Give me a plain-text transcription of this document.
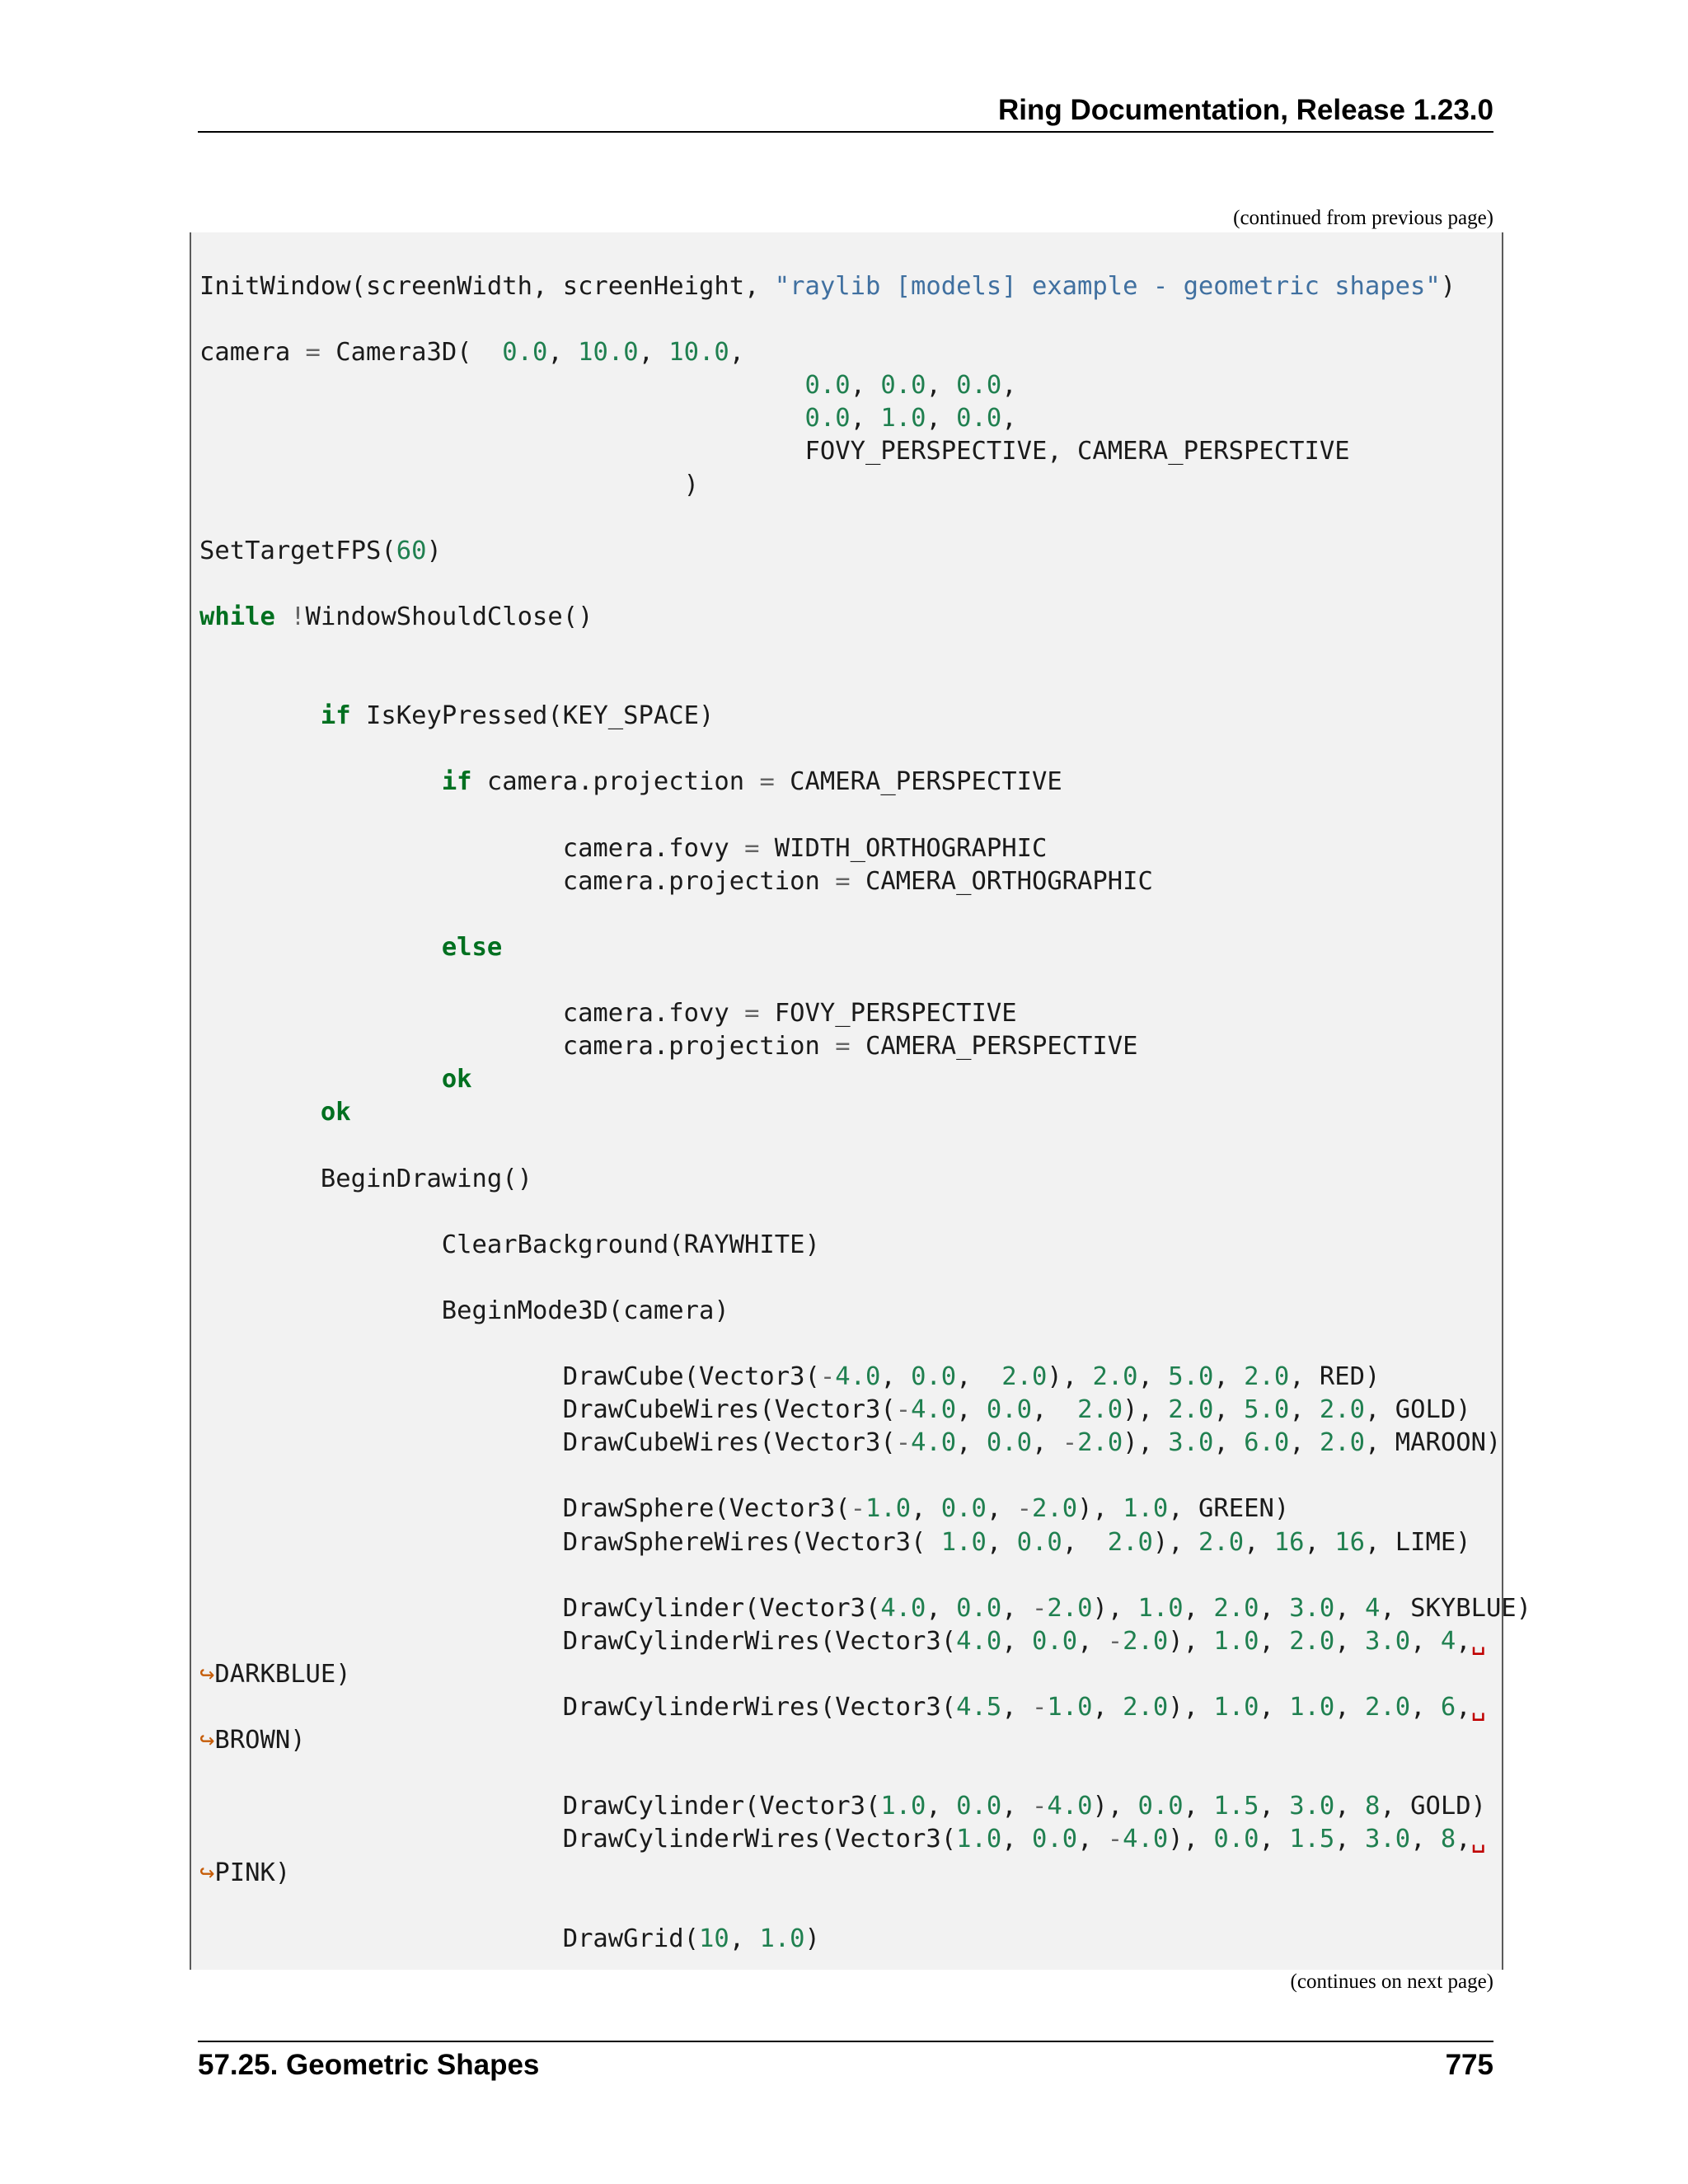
Ring Documentation, Release 1.23.0
(continued from previous page)
InitWindow(screenWidth, screenHeight, "raylib [models] example - geometric shapes")

camera = Camera3D(  0.0, 10.0, 10.0,
0.0, 0.0, 0.0,
0.0, 1.0, 0.0,
FOVY_PERSPECTIVE, CAMERA_PERSPECTIVE
)

SetTargetFPS(60)

while !WindowShouldClose()

if IsKeyPressed(KEY_SPACE)

if camera.projection = CAMERA_PERSPECTIVE

camera.fovy = WIDTH_ORTHOGRAPHIC
camera.projection = CAMERA_ORTHOGRAPHIC

else

camera.fovy = FOVY_PERSPECTIVE
camera.projection = CAMERA_PERSPECTIVE
ok
ok

BeginDrawing()

ClearBackground(RAYWHITE)

BeginMode3D(camera)

DrawCube(Vector3(-4.0, 0.0,  2.0), 2.0, 5.0, 2.0, RED)
DrawCubeWires(Vector3(-4.0, 0.0,  2.0), 2.0, 5.0, 2.0, GOLD)
DrawCubeWires(Vector3(-4.0, 0.0, -2.0), 3.0, 6.0, 2.0, MAROON)

DrawSphere(Vector3(-1.0, 0.0, -2.0), 1.0, GREEN)
DrawSphereWires(Vector3( 1.0, 0.0,  2.0), 2.0, 16, 16, LIME)

DrawCylinder(Vector3(4.0, 0.0, -2.0), 1.0, 2.0, 3.0, 4, SKYBLUE)
DrawCylinderWires(Vector3(4.0, 0.0, -2.0), 1.0, 2.0, 3.0, 4,␣
↪DARKBLUE)
DrawCylinderWires(Vector3(4.5, -1.0, 2.0), 1.0, 1.0, 2.0, 6,␣
↪BROWN)

DrawCylinder(Vector3(1.0, 0.0, -4.0), 0.0, 1.5, 3.0, 8, GOLD)
DrawCylinderWires(Vector3(1.0, 0.0, -4.0), 0.0, 1.5, 3.0, 8,␣
↪PINK)

DrawGrid(10, 1.0)

(continues on next page)
57.25. Geometric Shapes	775
